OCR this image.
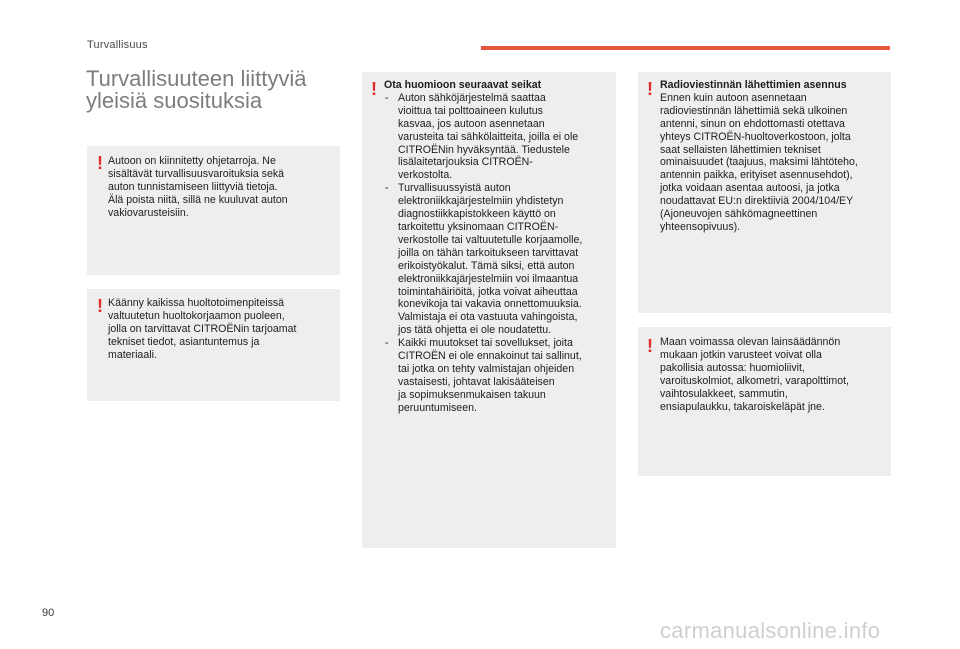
Turvallisuus
Turvallisuuteen liittyviä
yleisiä suosituksia
!
Autoon on kiinnitetty ohjetarroja. Ne
sisältävät turvallisuusvaroituksia sekä
auton tunnistamiseen liittyviä tietoja.
Älä poista niitä, sillä ne kuuluvat auton
vakiovarusteisiin.
!
Käänny kaikissa huoltotoimenpiteissä
valtuutetun huoltokorjaamon puoleen,
jolla on tarvittavat CITROËNin tarjoamat
tekniset tiedot, asiantuntemus ja
materiaali.
!
Ota huomioon seuraavat seikat
- Auton sähköjärjestelmä saattaa
vioittua tai polttoaineen kulutus
kasvaa, jos autoon asennetaan
varusteita tai sähkölaitteita, joilla ei ole
CITROËNin hyväksyntää. Tiedustele
lisälaitetarjouksia CITROËN-
verkostolta.
- Turvallisuussyistä auton
elektroniikkajärjestelmiin yhdistetyn
diagnostiikkapistokkeen käyttö on
tarkoitettu yksinomaan CITROËN-
verkostolle tai valtuutetulle korjaamolle,
joilla on tähän tarkoitukseen tarvittavat
erikoistyökalut. Tämä siksi, että auton
elektroniikkajärjestelmiin voi ilmaantua
toimintahäiriöitä, jotka voivat aiheuttaa
konevikoja tai vakavia onnettomuuksia.
Valmistaja ei ota vastuuta vahingoista,
jos tätä ohjetta ei ole noudatettu.
- Kaikki muutokset tai sovellukset, joita
CITROËN ei ole ennakoinut tai sallinut,
tai jotka on tehty valmistajan ohjeiden
vastaisesti, johtavat lakisääteisen
ja sopimuksenmukaisen takuun
peruuntumiseen.
!
Radioviestinnän lähettimien asennus
Ennen kuin autoon asennetaan
radioviestinnän lähettimiä sekä ulkoinen
antenni, sinun on ehdottomasti otettava
yhteys CITROËN-huoltoverkostoon, jolta
saat sellaisten lähettimien tekniset
ominaisuudet (taajuus, maksimi lähtöteho,
antennin paikka, erityiset asennusehdot),
jotka voidaan asentaa autoosi, ja jotka
noudattavat EU:n direktiiviä 2004/104/EY
(Ajoneuvojen sähkömagneettinen
yhteensopivuus).
!
Maan voimassa olevan lainsäädännön
mukaan jotkin varusteet voivat olla
pakollisia autossa: huomioliivit,
varoituskolmiot, alkometri, varapolttimot,
vaihtosulakkeet, sammutin,
ensiapulaukku, takaroiskeläpät jne.
90
carmanualsonline.info
